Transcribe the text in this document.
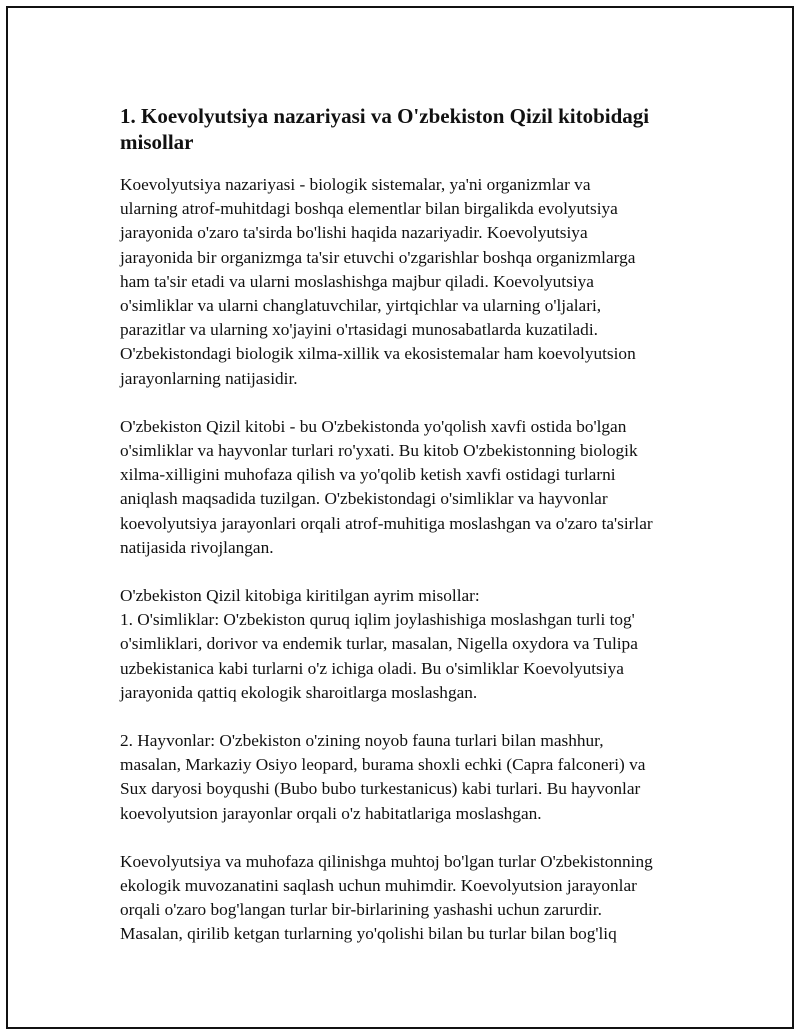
1. Koevolyutsiya nazariyasi va O'zbekiston Qizil kitobidagi
misollar

Koevolyutsiya nazariyasi - biologik sistemalar, ya'ni organizmlar va
ularning atrof-muhitdagi boshqa elementlar bilan birgalikda evolyutsiya
jarayonida o'zaro ta'sirda bo'lishi haqida nazariyadir. Koevolyutsiya
jarayonida bir organizmga ta'sir etuvchi o'zgarishlar boshqa organizmlarga
ham ta'sir etadi va ularni moslashishga majbur qiladi. Koevolyutsiya
o'simliklar va ularni changlatuvchilar, yirtqichlar va ularning o'ljalari,
parazitlar va ularning xo'jayini o'rtasidagi munosabatlarda kuzatiladi.
O'zbekistondagi biologik xilma-xillik va ekosistemalar ham koevolyutsion
jarayonlarning natijasidir.

O'zbekiston Qizil kitobi - bu O'zbekistonda yo'qolish xavfi ostida bo'lgan
o'simliklar va hayvonlar turlari ro'yxati. Bu kitob O'zbekistonning biologik
xilma-xilligini muhofaza qilish va yo'qolib ketish xavfi ostidagi turlarni
aniqlash maqsadida tuzilgan. O'zbekistondagi o'simliklar va hayvonlar
koevolyutsiya jarayonlari orqali atrof-muhitiga moslashgan va o'zaro ta'sirlar
natijasida rivojlangan.

O'zbekiston Qizil kitobiga kiritilgan ayrim misollar:
1. O'simliklar: O'zbekiston quruq iqlim joylashishiga moslashgan turli tog'
o'simliklari, dorivor va endemik turlar, masalan, Nigella oxydora va Tulipa
uzbekistanica kabi turlarni o'z ichiga oladi. Bu o'simliklar Koevolyutsiya
jarayonida qattiq ekologik sharoitlarga moslashgan.

2. Hayvonlar: O'zbekiston o'zining noyob fauna turlari bilan mashhur,
masalan, Markaziy Osiyo leopard, burama shoxli echki (Capra falconeri) va
Sux daryosi boyqushi (Bubo bubo turkestanicus) kabi turlari. Bu hayvonlar
koevolyutsion jarayonlar orqali o'z habitatlariga moslashgan.

Koevolyutsiya va muhofaza qilinishga muhtoj bo'lgan turlar O'zbekistonning
ekologik muvozanatini saqlash uchun muhimdir. Koevolyutsion jarayonlar
orqali o'zaro bog'langan turlar bir-birlarining yashashi uchun zarurdir.
Masalan, qirilib ketgan turlarning yo'qolishi bilan bu turlar bilan bog'liq
